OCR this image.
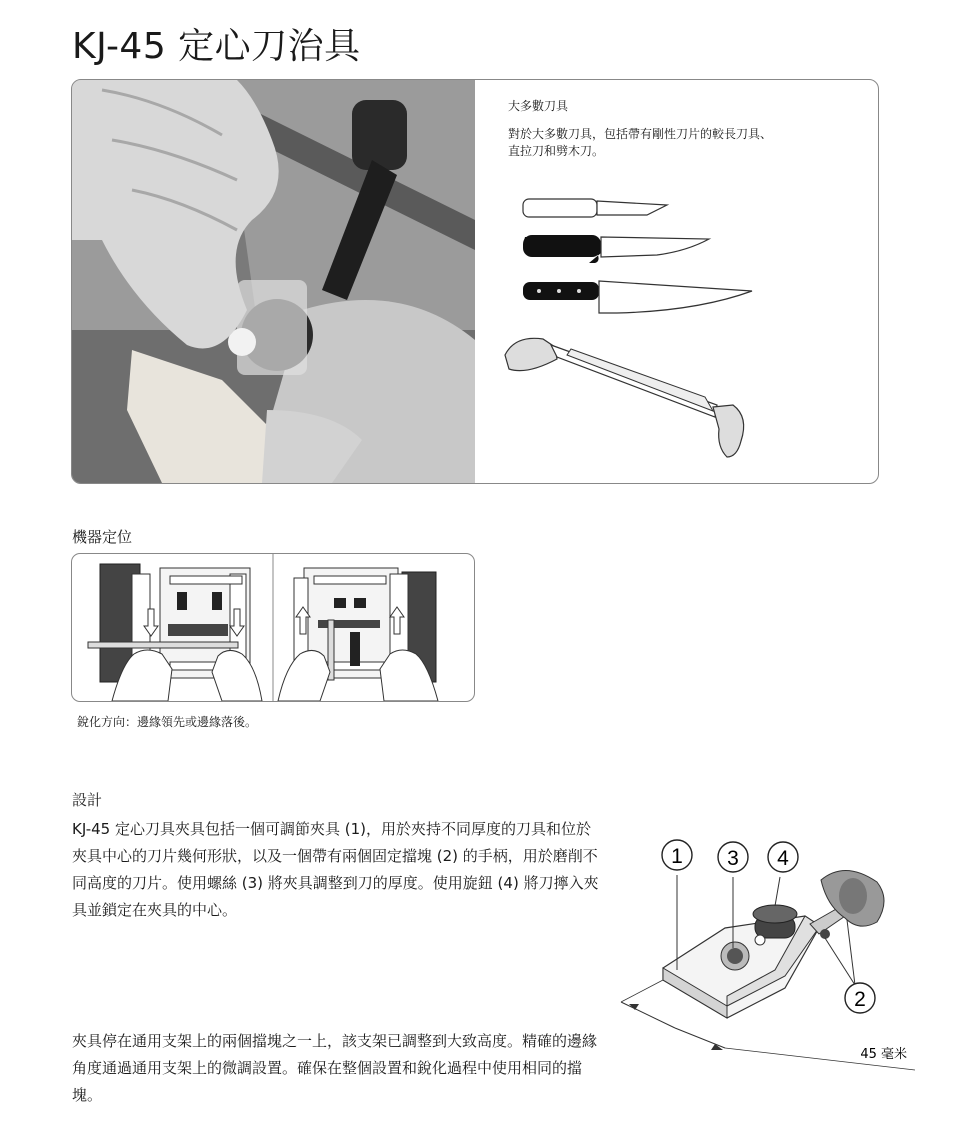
KJ-45 定心刀治具
大多數刀具
對於大多數刀具，包括帶有剛性刀片的較長刀具、
直拉刀和劈木刀。
機器定位
銳化方向：邊緣領先或邊緣落後。
設計
KJ-45 定心刀具夾具包括一個可調節夾具 (1)，用於夾持不同厚度的刀具和位於夾具中心的刀片幾何形狀，以及一個帶有兩個固定擋塊 (2) 的手柄，用於磨削不同高度的刀片。使用螺絲 (3) 將夾具調整到刀的厚度。使用旋鈕 (4) 將刀擰入夾具並鎖定在夾具的中心。
夾具停在通用支架上的兩個擋塊之一上，該支架已調整到大致高度。精確的邊緣角度通過通用支架上的微調設置。確保在整個設置和銳化過程中使用相同的擋塊。
1 3 4
2
45 毫米
